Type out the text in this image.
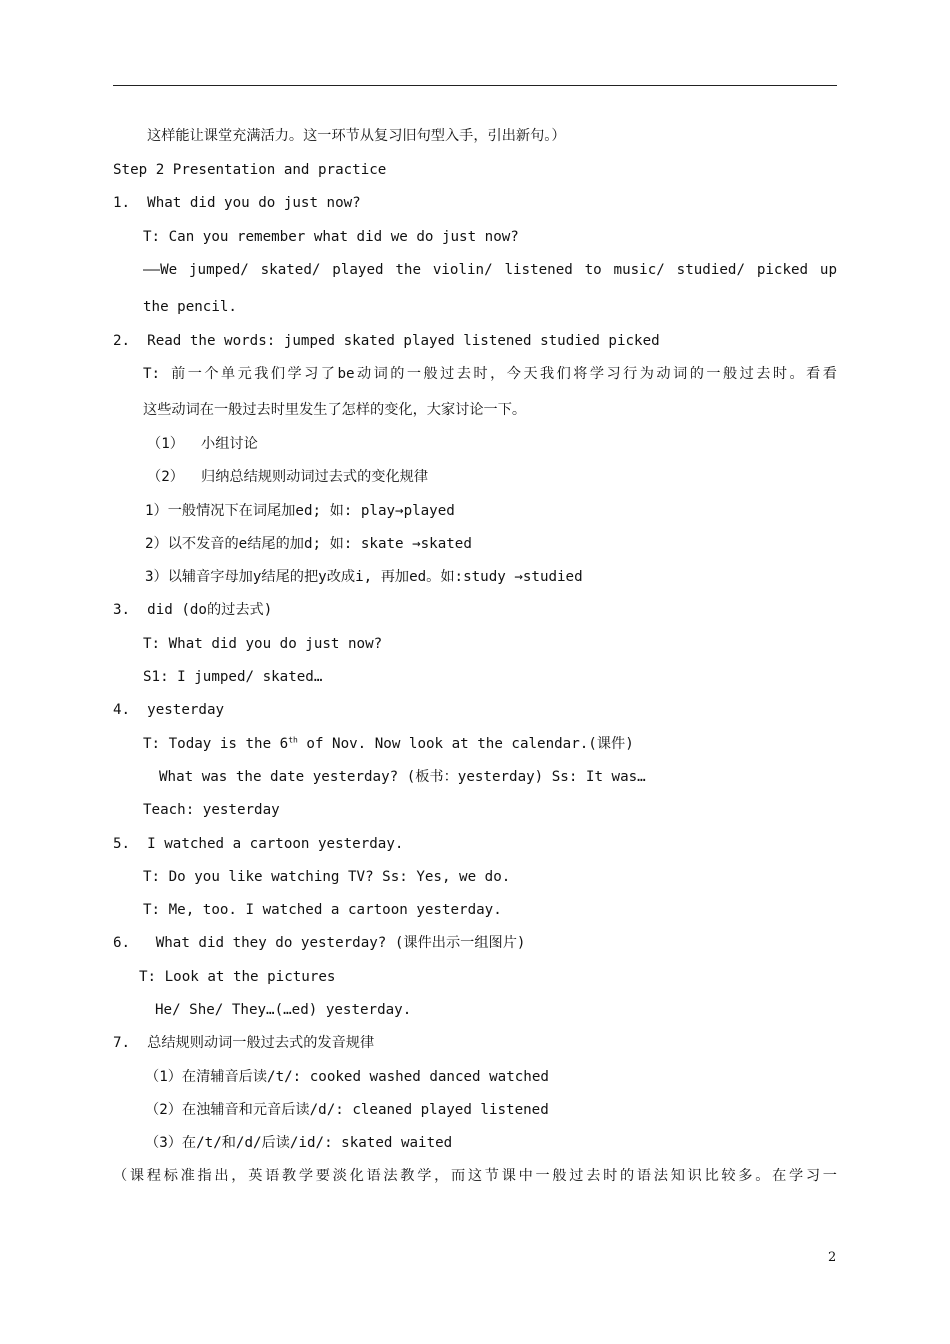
这样能让课堂充满活力。这一环节从复习旧句型入手，引出新句。）
Step 2 Presentation and practice
1.  What did you do just now?
T: Can you remember what did we do just now?
——We jumped/ skated/ played the violin/ listened to music/ studied/ picked up
the pencil.
2.  Read the words: jumped skated played listened studied picked
T: 前一个单元我们学习了be动词的一般过去时，今天我们将学习行为动词的一般过去时。看看
这些动词在一般过去时里发生了怎样的变化，大家讨论一下。
（1）  小组讨论
（2）  归纳总结规则动词过去式的变化规律
1）一般情况下在词尾加ed; 如: play→played
2）以不发音的e结尾的加d; 如: skate →skated
3）以辅音字母加y结尾的把y改成i, 再加ed。如:study →studied
3.  did (do的过去式)
T: What did you do just now?
S1: I jumped/ skated…
4.  yesterday
T: Today is the 6th of Nov. Now look at the calendar.(课件)
What was the date yesterday? (板书：yesterday) Ss: It was…
Teach: yesterday
5.  I watched a cartoon yesterday.
T: Do you like watching TV? Ss: Yes, we do.
T: Me, too. I watched a cartoon yesterday.
6.   What did they do yesterday? (课件出示一组图片)
T: Look at the pictures
He/ She/ They…(…ed) yesterday.
7.  总结规则动词一般过去式的发音规律
（1）在清辅音后读/t/: cooked washed danced watched
（2）在浊辅音和元音后读/d/: cleaned played listened
（3）在/t/和/d/后读/id/: skated waited
（课程标准指出，英语教学要淡化语法教学，而这节课中一般过去时的语法知识比较多。在学习一
2
